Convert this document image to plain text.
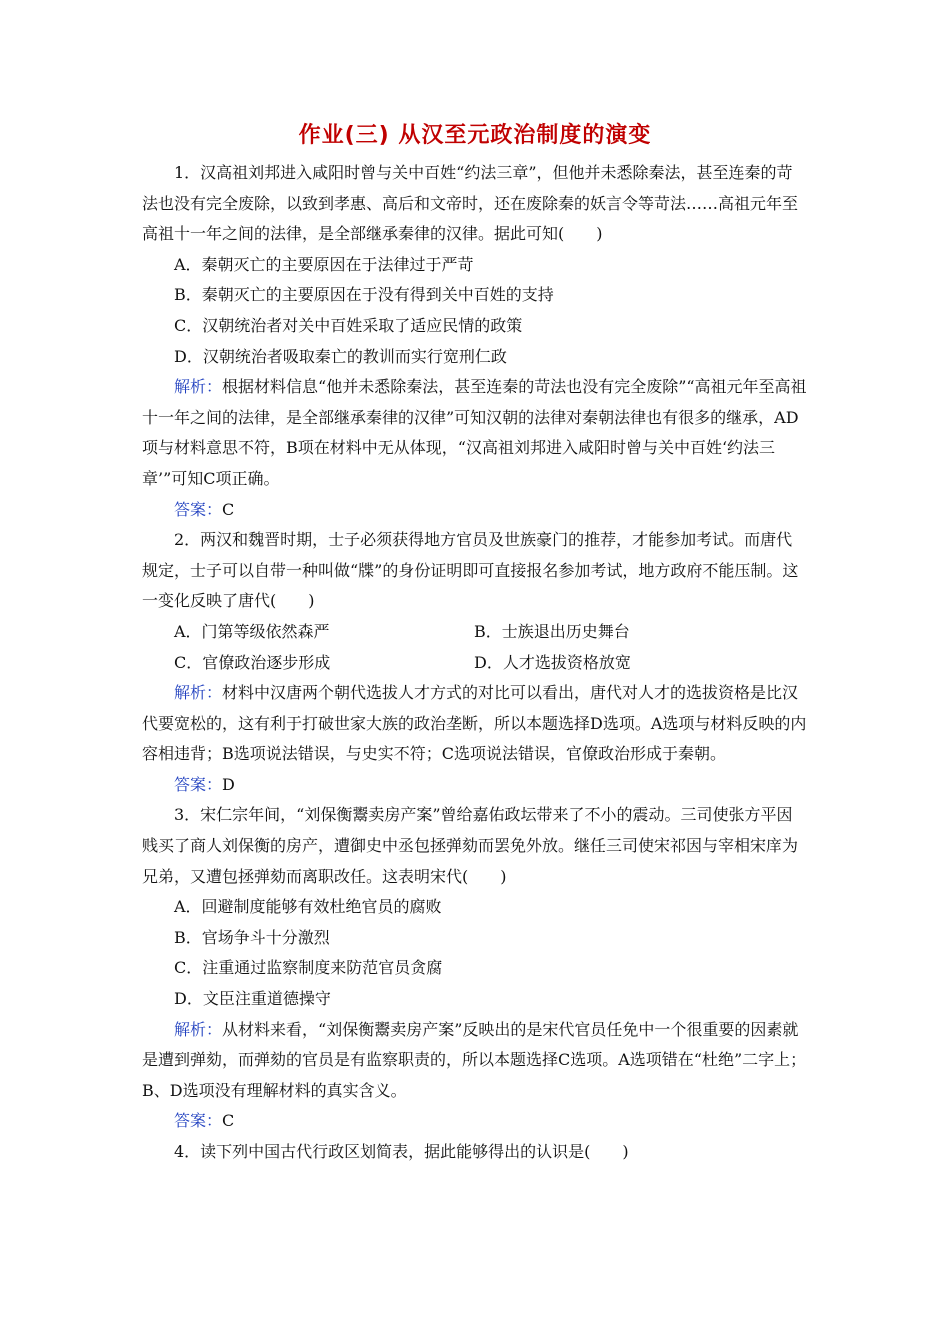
作业(三) 从汉至元政治制度的演变

1．汉高祖刘邦进入咸阳时曾与关中百姓“约法三章”，但他并未悉除秦法，甚至连秦的苛法也没有完全废除，以致到孝惠、高后和文帝时，还在废除秦的妖言令等苛法……高祖元年至高祖十一年之间的法律，是全部继承秦律的汉律。据此可知(　　)

A．秦朝灭亡的主要原因在于法律过于严苛

B．秦朝灭亡的主要原因在于没有得到关中百姓的支持

C．汉朝统治者对关中百姓采取了适应民情的政策

D．汉朝统治者吸取秦亡的教训而实行宽刑仁政

解析：根据材料信息“他并未悉除秦法，甚至连秦的苛法也没有完全废除”“高祖元年至高祖十一年之间的法律，是全部继承秦律的汉律”可知汉朝的法律对秦朝法律也有很多的继承，AD项与材料意思不符，B项在材料中无从体现，“汉高祖刘邦进入咸阳时曾与关中百姓‘约法三章’”可知C项正确。

答案：C

2．两汉和魏晋时期，士子必须获得地方官员及世族豪门的推荐，才能参加考试。而唐代规定，士子可以自带一种叫做“牒”的身份证明即可直接报名参加考试，地方政府不能压制。这一变化反映了唐代(　　)

A．门第等级依然森严	B．士族退出历史舞台
C．官僚政治逐步形成	D．人才选拔资格放宽

解析：材料中汉唐两个朝代选拔人才方式的对比可以看出，唐代对人才的选拔资格是比汉代要宽松的，这有利于打破世家大族的政治垄断，所以本题选择D选项。A选项与材料反映的内容相违背；B选项说法错误，与史实不符；C选项说法错误，官僚政治形成于秦朝。

答案：D

3．宋仁宗年间，“刘保衡鬻卖房产案”曾给嘉佑政坛带来了不小的震动。三司使张方平因贱买了商人刘保衡的房产，遭御史中丞包拯弹劾而罢免外放。继任三司使宋祁因与宰相宋庠为兄弟，又遭包拯弹劾而离职改任。这表明宋代(　　)

A．回避制度能够有效杜绝官员的腐败

B．官场争斗十分激烈

C．注重通过监察制度来防范官员贪腐

D．文臣注重道德操守

解析：从材料来看，“刘保衡鬻卖房产案”反映出的是宋代官员任免中一个很重要的因素就是遭到弹劾，而弹劾的官员是有监察职责的，所以本题选择C选项。A选项错在“杜绝”二字上；B、D选项没有理解材料的真实含义。

答案：C

4．读下列中国古代行政区划简表，据此能够得出的认识是(　　)
